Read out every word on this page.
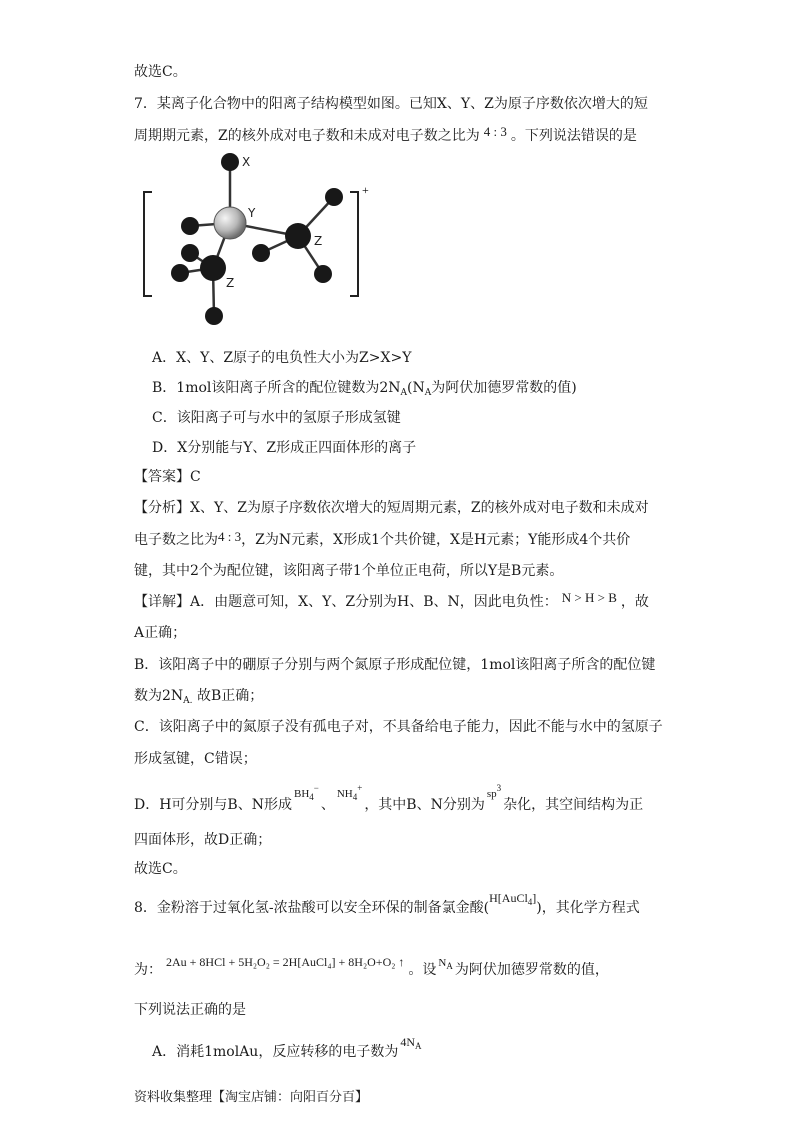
故选C。
7．某离子化合物中的阳离子结构模型如图。已知X、Y、Z为原子序数依次增大的短
周期期元素，Z的核外成对电子数和未成对电子数之比为 4 : 3 。下列说法错误的是
+
X
Y
Z
Z
A．X、Y、Z原子的电负性大小为Z>X>Y
B．1mol该阳离子所含的配位键数为$2N_A(N_A$为阿伏加德罗常数的值)
C．该阳离子可与水中的氢原子形成氢键
D．X分别能与Y、Z形成正四面体形的离子
【答案】C
【分析】X、Y、Z为原子序数依次增大的短周期元素，Z的核外成对电子数和未成对
电子数之比为4 : 3，Z为N元素，X形成1个共价键，X是H元素；Y能形成4个共价
键，其中2个为配位键，该阳离子带1个单位正电荷，所以Y是B元素。
【详解】A．由题意可知，X、Y、Z分别为H、B、N，因此电负性： N > H > B ，故
A正确；
B．该阳离子中的硼原子分别与两个氮原子形成配位键，1mol该阳离子所含的配位键
数为$2N_{A.}$ 故B正确；
C．该阳离子中的氮原子没有孤电子对，不具备给电子能力，因此不能与水中的氢原子
形成氢键，C错误；
D．H可分别与B、N形成$^{BH_4^-}$、$^{NH_4^+}$，其中B、N分别为$^{sp^3}$杂化，其空间结构为正
四面体形，故D正确；
故选C。
8．金粉溶于过氧化氢-浓盐酸可以安全环保的制备氯金酸(H[AuCl$_4$])，其化学方程式
为： 2Au + 8HCl + 5H₂O₂ = 2H[AuCl₄] + 8H₂O+O₂ ↑ 。设 $^{N_A}$ 为阿伏加德罗常数的值，
下列说法正确的是
A．消耗1molAu，反应转移的电子数为$4N_A$
资料收集整理【淘宝店铺：向阳百分百】
